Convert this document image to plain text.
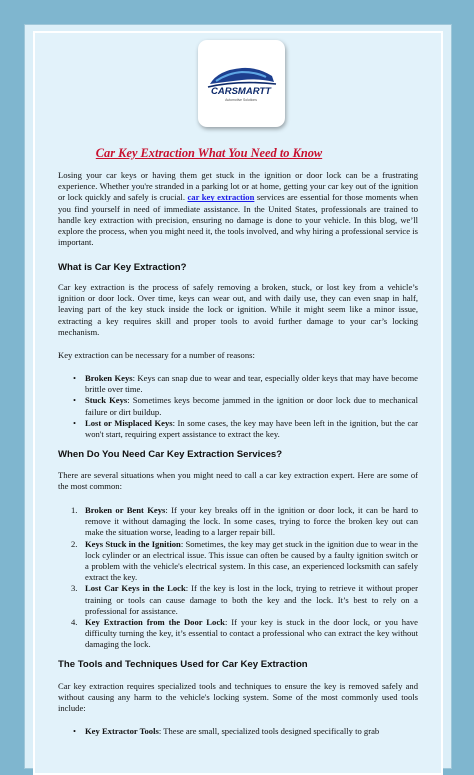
CARSMARTT
Automotive Solutions
Car Key Extraction What You Need to Know

Losing your car keys or having them get stuck in the ignition or door lock can be a frustrating experience. Whether you're stranded in a parking lot or at home, getting your car key out of the ignition or lock quickly and safely is crucial. car key extraction services are essential for those moments when you find yourself in need of immediate assistance. In the United States, professionals are trained to handle key extraction with precision, ensuring no damage is done to your vehicle. In this blog, we’ll explore the process, when you might need it, the tools involved, and why hiring a professional service is important.

What is Car Key Extraction?

Car key extraction is the process of safely removing a broken, stuck, or lost key from a vehicle’s ignition or door lock. Over time, keys can wear out, and with daily use, they can even snap in half, leaving part of the key stuck inside the lock or ignition. While it might seem like a minor issue, extracting a key requires skill and proper tools to avoid further damage to your car’s locking mechanism.

Key extraction can be necessary for a number of reasons:

• Broken Keys: Keys can snap due to wear and tear, especially older keys that may have become brittle over time.
• Stuck Keys: Sometimes keys become jammed in the ignition or door lock due to mechanical failure or dirt buildup.
• Lost or Misplaced Keys: In some cases, the key may have been left in the ignition, but the car won't start, requiring expert assistance to extract the key.
When Do You Need Car Key Extraction Services?

There are several situations when you might need to call a car key extraction expert. Here are some of the most common:

1. Broken or Bent Keys: If your key breaks off in the ignition or door lock, it can be hard to remove it without damaging the lock. In some cases, trying to force the broken key out can make the situation worse, leading to a larger repair bill.
2. Keys Stuck in the Ignition: Sometimes, the key may get stuck in the ignition due to wear in the lock cylinder or an electrical issue. This issue can often be caused by a faulty ignition switch or a problem with the vehicle's electrical system. In this case, an experienced locksmith can safely extract the key.
3. Lost Car Keys in the Lock: If the key is lost in the lock, trying to retrieve it without proper training or tools can cause damage to both the key and the lock. It’s best to rely on a professional for assistance.
4. Key Extraction from the Door Lock: If your key is stuck in the door lock, or you have difficulty turning the key, it’s essential to contact a professional who can extract the key without damaging the lock.
The Tools and Techniques Used for Car Key Extraction

Car key extraction requires specialized tools and techniques to ensure the key is removed safely and without causing any harm to the vehicle's locking system. Some of the most commonly used tools include:

• Key Extractor Tools: These are small, specialized tools designed specifically to grab
